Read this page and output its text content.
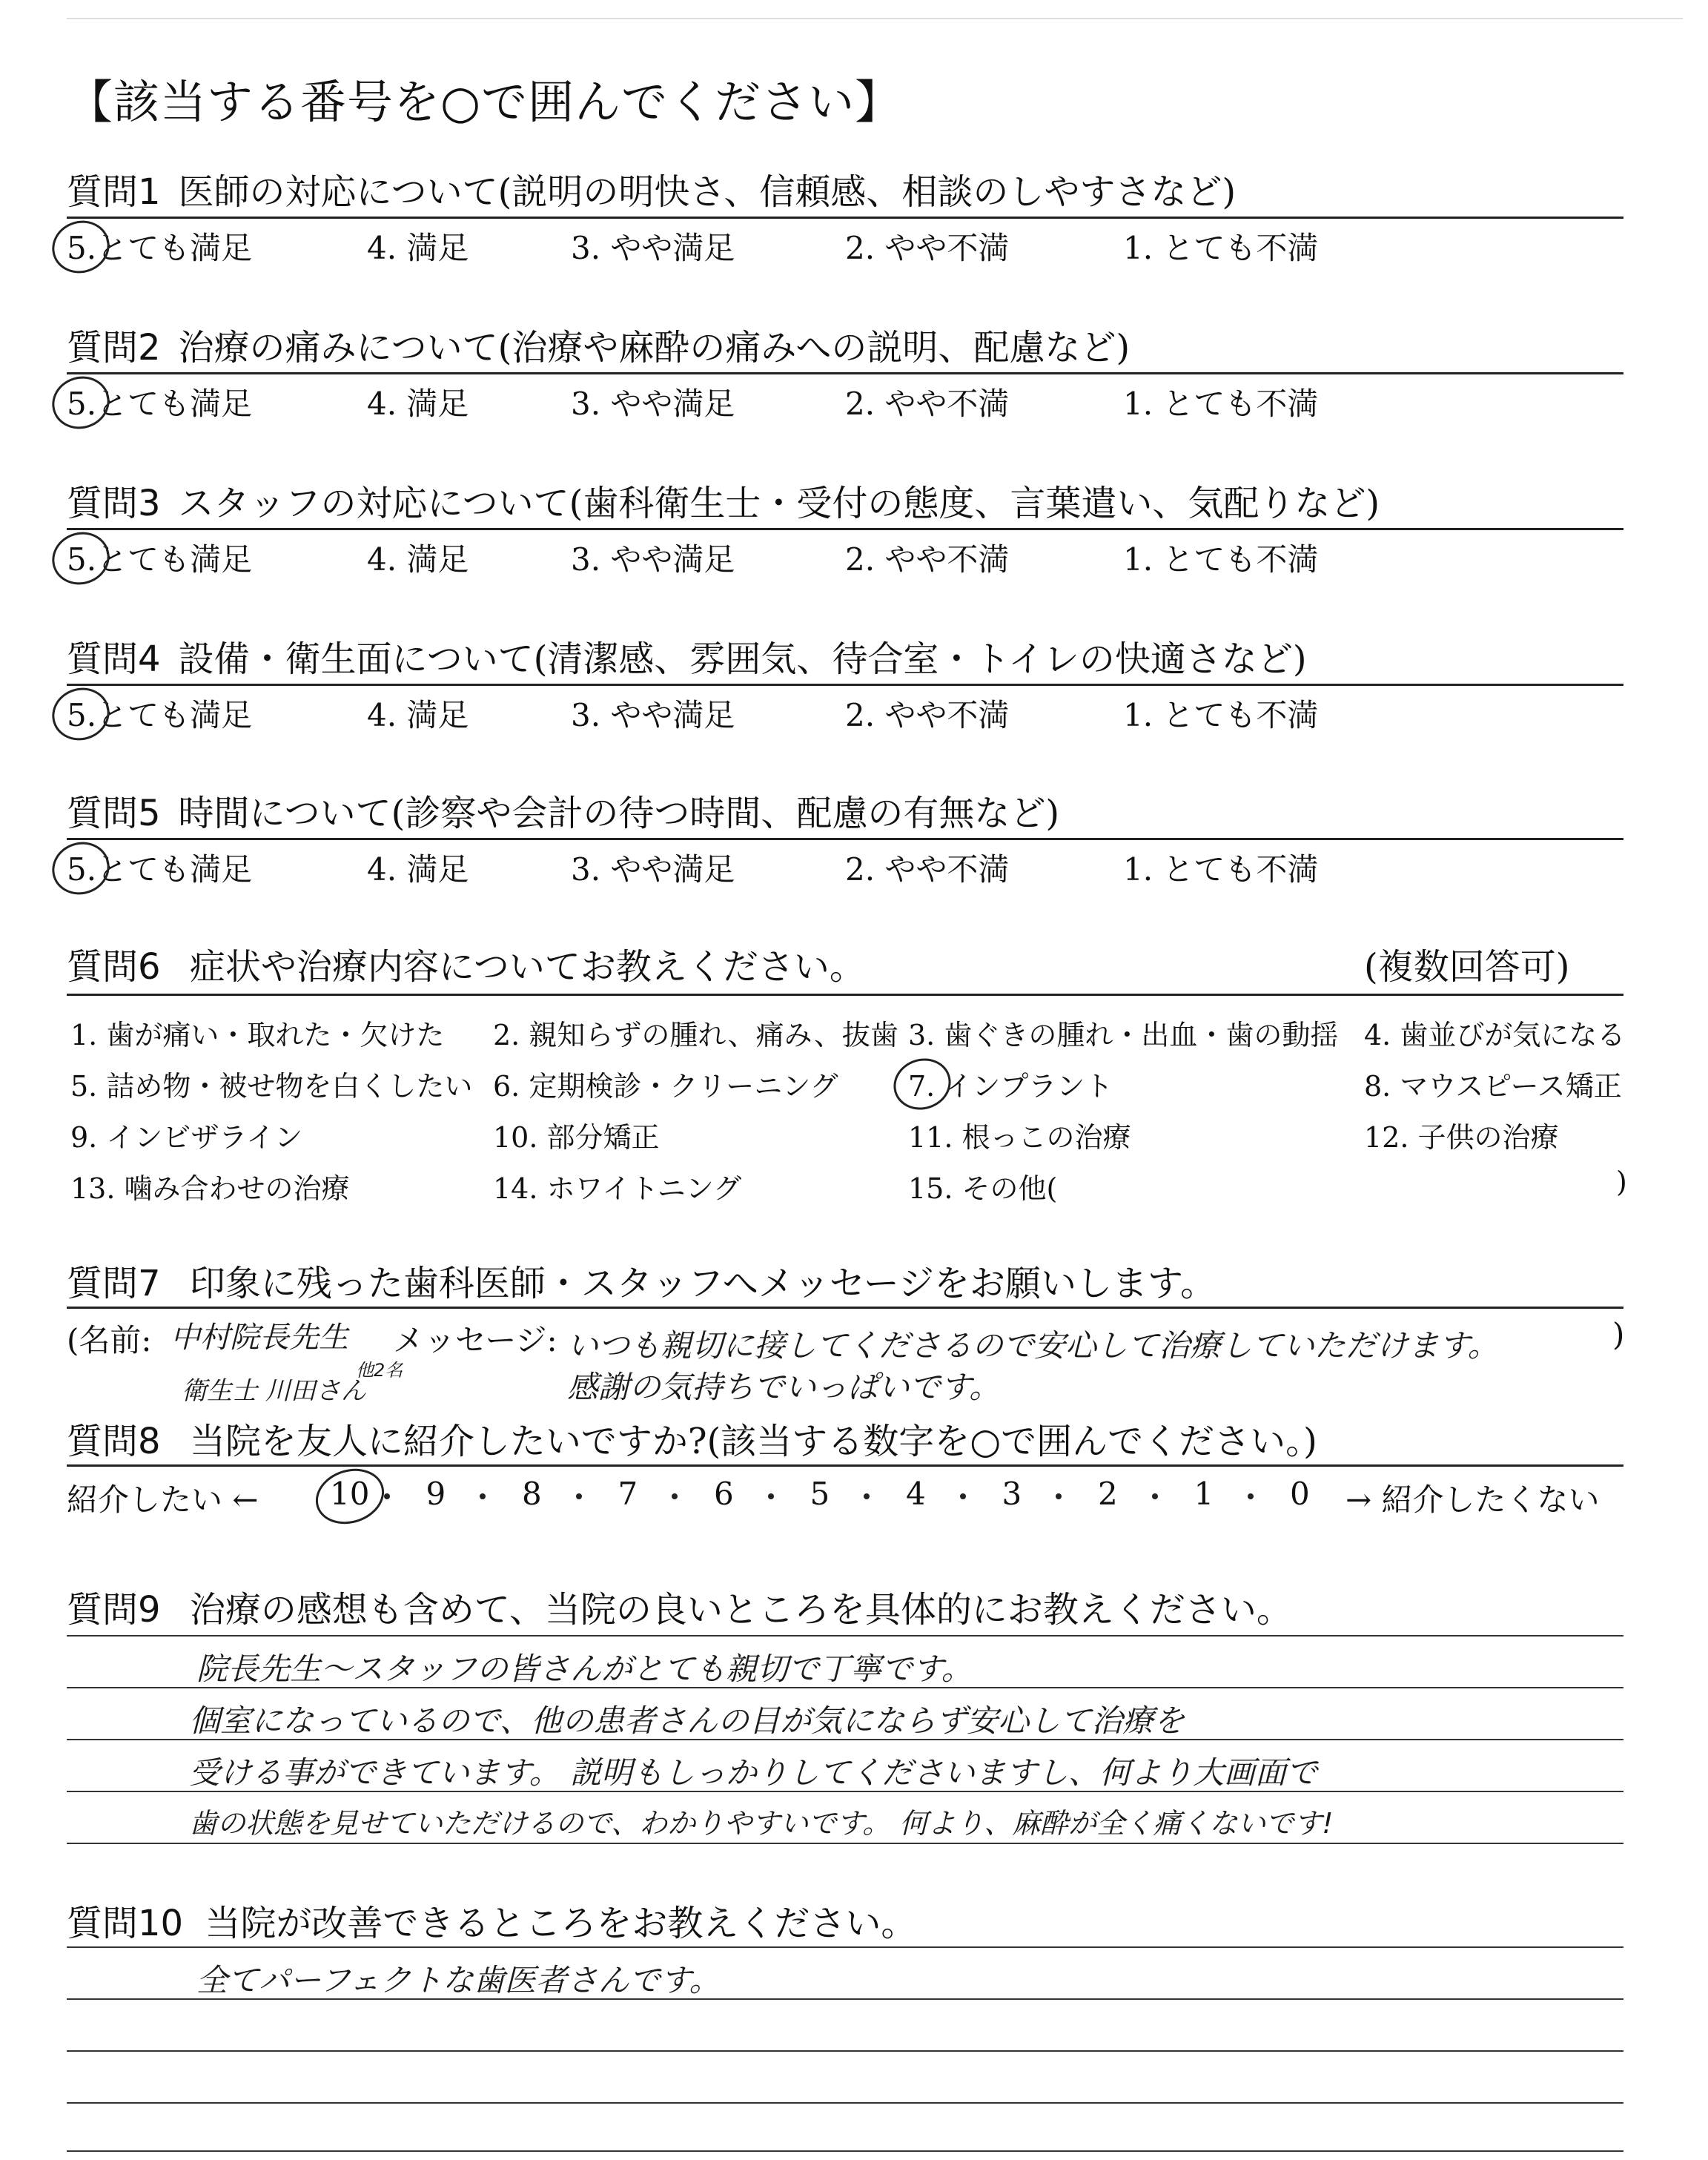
【該当する番号を○で囲んでください】
質問1 医師の対応について(説明の明快さ、信頼感、相談のしやすさなど)
5.とても満足	4. 満足	3. やや満足	2. やや不満	1. とても不満
質問2 治療の痛みについて(治療や麻酔の痛みへの説明、配慮など)
5.とても満足	4. 満足	3. やや満足	2. やや不満	1. とても不満
質問3 スタッフの対応について(歯科衛生士・受付の態度、言葉遣い、気配りなど)
5.とても満足	4. 満足	3. やや満足	2. やや不満	1. とても不満
質問4 設備・衛生面について(清潔感、雰囲気、待合室・トイレの快適さなど)
5.とても満足	4. 満足	3. やや満足	2. やや不満	1. とても不満
質問5 時間について(診察や会計の待つ時間、配慮の有無など)
5.とても満足	4. 満足	3. やや満足	2. やや不満	1. とても不満
質問6 症状や治療内容についてお教えください。	(複数回答可)
1. 歯が痛い・取れた・欠けた 2. 親知らずの腫れ、痛み、抜歯 3. 歯ぐきの腫れ・出血・歯の動揺 4. 歯並びが気になる
5. 詰め物・被せ物を白くしたい 6. 定期検診・クリーニング 7. インプラント	8. マウスピース矯正
9. インビザライン	10. 部分矯正	11. 根っこの治療	12. 子供の治療
13. 噛み合わせの治療	14. ホワイトニング	15. その他(	)
質問7 印象に残った歯科医師・スタッフへメッセージをお願いします。
(名前: 中村院長先生 メッセージ:
衛生士 川田さん
他2名
いつも親切に接してくださるので安心して治療していただけます。
感謝の気持ちでいっぱいです。
)
質問8 当院を友人に紹介したいですか?(該当する数字を○で囲んでください。)
紹介したい ← 10 9 8 7 6 5 4 3 2 1 0 → 紹介したくない
質問9 治療の感想も含めて、当院の良いところを具体的にお教えください。
院長先生〜スタッフの皆さんがとても親切で丁寧です。
個室になっているので、他の患者さんの目が気にならず安心して治療を
受ける事ができています。 説明もしっかりしてくださいますし、何より大画面で
歯の状態を見せていただけるので、わかりやすいです。 何より、麻酔が全く痛くないです!
質問10 当院が改善できるところをお教えください。
全てパーフェクトな歯医者さんです。
